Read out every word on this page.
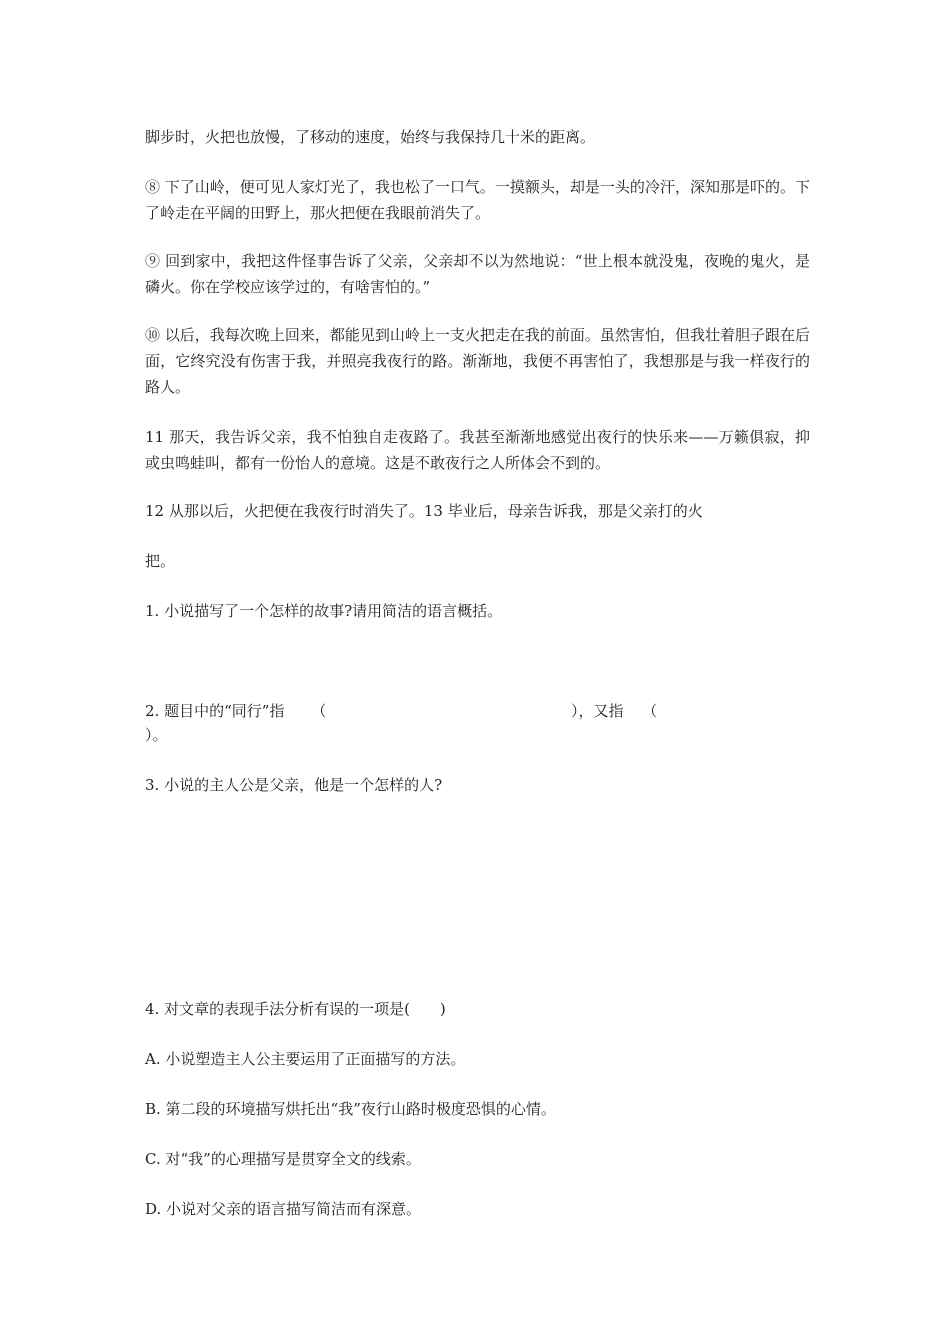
脚步时，火把也放慢，了移动的速度，始终与我保持几十米的距离。
⑧ 下了山岭，便可见人家灯光了，我也松了一口气。一摸额头，却是一头的冷汗，深知那是吓的。下了岭走在平阔的田野上，那火把便在我眼前消失了。
⑨ 回到家中，我把这件怪事告诉了父亲，父亲却不以为然地说：“世上根本就没鬼，夜晚的鬼火，是磷火。你在学校应该学过的，有啥害怕的。”
⑩ 以后，我每次晚上回来，都能见到山岭上一支火把走在我的前面。虽然害怕，但我壮着胆子跟在后面，它终究没有伤害于我，并照亮我夜行的路。渐渐地，我便不再害怕了，我想那是与我一样夜行的路人。
11 那天，我告诉父亲，我不怕独自走夜路了。我甚至渐渐地感觉出夜行的快乐来——万籁俱寂，抑或虫鸣蛙叫，都有一份怡人的意境。这是不敢夜行之人所体会不到的。
12 从那以后，火把便在我夜行时消失了。13 毕业后，母亲告诉我，那是父亲打的火
把。
1. 小说描写了一个怎样的故事?请用简洁的语言概括。
2. 题目中的“同行”指 （	），又指 （
）。
3. 小说的主人公是父亲，他是一个怎样的人?
4. 对文章的表现手法分析有误的一项是(　　)
A. 小说塑造主人公主要运用了正面描写的方法。
B. 第二段的环境描写烘托出“我”夜行山路时极度恐惧的心情。
C. 对“我”的心理描写是贯穿全文的线索。
D. 小说对父亲的语言描写简洁而有深意。
